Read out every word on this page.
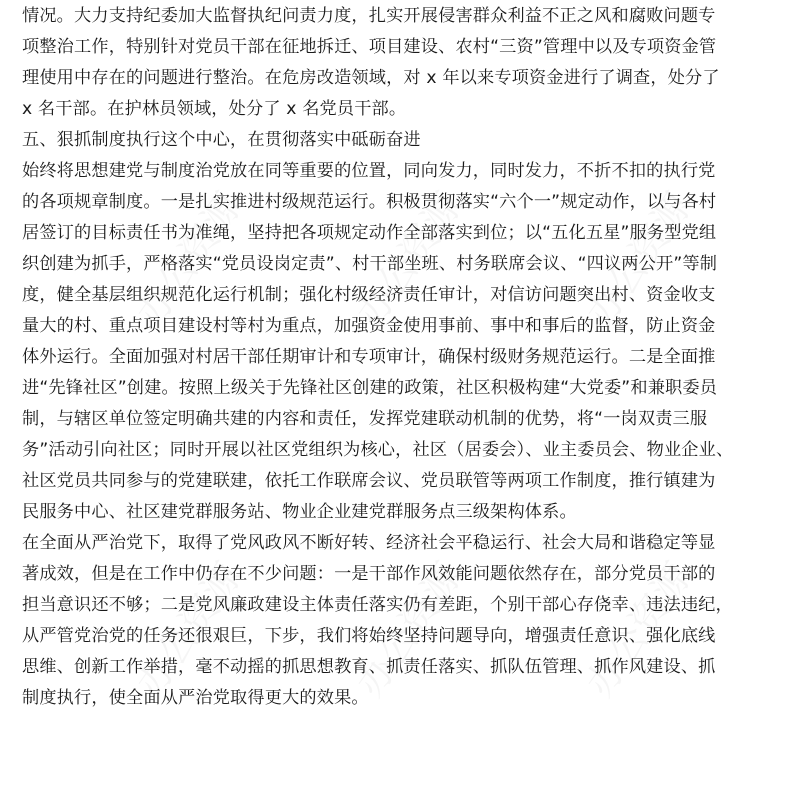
情况。大力支持纪委加大监督执纪问责力度，扎实开展侵害群众利益不正之风和腐败问题专
项整治工作，特别针对党员干部在征地拆迁、项目建设、农村“三资”管理中以及专项资金管
理使用中存在的问题进行整治。在危房改造领域，对 x 年以来专项资金进行了调查，处分了
x 名干部。在护林员领域，处分了 x 名党员干部。
五、狠抓制度执行这个中心，在贯彻落实中砥砺奋进
始终将思想建党与制度治党放在同等重要的位置，同向发力，同时发力，不折不扣的执行党
的各项规章制度。一是扎实推进村级规范运行。积极贯彻落实“六个一”规定动作，以与各村
居签订的目标责任书为准绳，坚持把各项规定动作全部落实到位；以“五化五星”服务型党组
织创建为抓手，严格落实“党员设岗定责”、村干部坐班、村务联席会议、“四议两公开”等制
度，健全基层组织规范化运行机制；强化村级经济责任审计，对信访问题突出村、资金收支
量大的村、重点项目建设村等村为重点，加强资金使用事前、事中和事后的监督，防止资金
体外运行。全面加强对村居干部任期审计和专项审计，确保村级财务规范运行。二是全面推
进“先锋社区”创建。按照上级关于先锋社区创建的政策，社区积极构建“大党委”和兼职委员
制，与辖区单位签定明确共建的内容和责任，发挥党建联动机制的优势，将“一岗双责三服
务”活动引向社区；同时开展以社区党组织为核心，社区（居委会）、业主委员会、物业企业、
社区党员共同参与的党建联建，依托工作联席会议、党员联管等两项工作制度，推行镇建为
民服务中心、社区建党群服务站、物业企业建党群服务点三级架构体系。
在全面从严治党下，取得了党风政风不断好转、经济社会平稳运行、社会大局和谐稳定等显
著成效，但是在工作中仍存在不少问题：一是干部作风效能问题依然存在，部分党员干部的
担当意识还不够；二是党风廉政建设主体责任落实仍有差距，个别干部心存侥幸、违法违纪，
从严管党治党的任务还很艰巨，下步，我们将始终坚持问题导向，增强责任意识、强化底线
思维、创新工作举措，毫不动摇的抓思想教育、抓责任落实、抓队伍管理、抓作风建设、抓
制度执行，使全面从严治党取得更大的效果。
